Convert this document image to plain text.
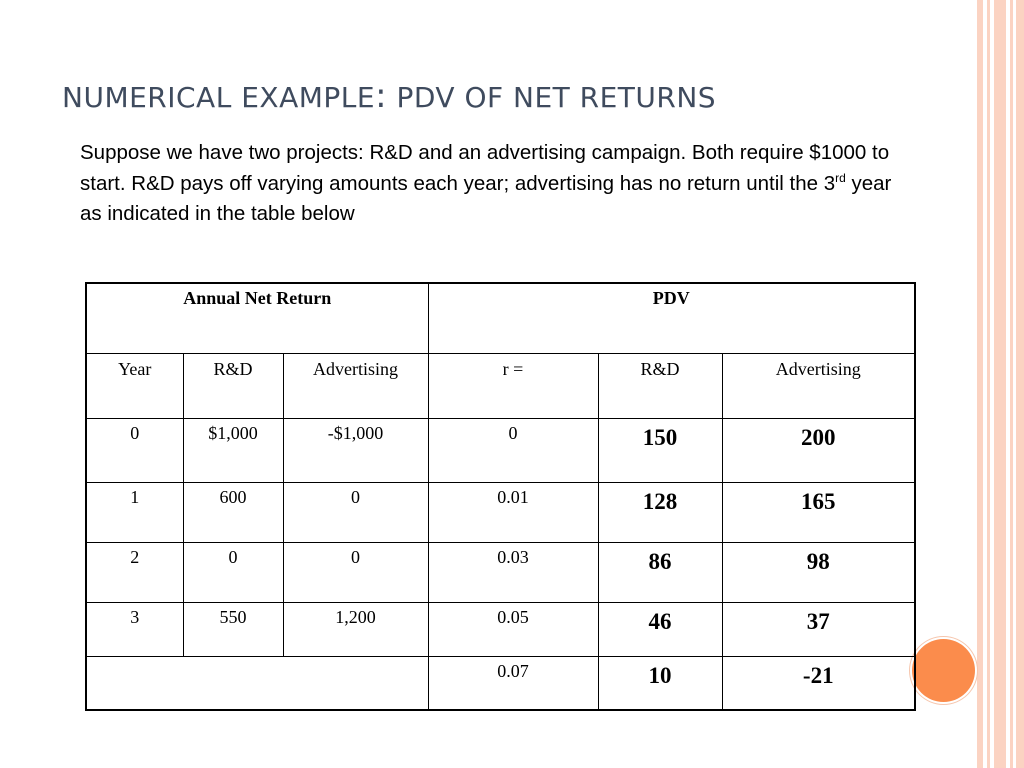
NUMERICAL EXAMPLE: PDV OF NET RETURNS
Suppose we have two projects: R&D and an advertising campaign. Both require $1000 to start. R&D pays off varying amounts each year; advertising has no return until the 3rd year as indicated in the table below
Annual Net Return			PDV		
Year	R&D	Advertising	r =	R&D	Advertising
0	$1,000	-$1,000	0	150	200
1	600	0	0.01	128	165
2	0	0	0.03	86	98
3	550	1,200	0.05	46	37
			0.07	10	-21
